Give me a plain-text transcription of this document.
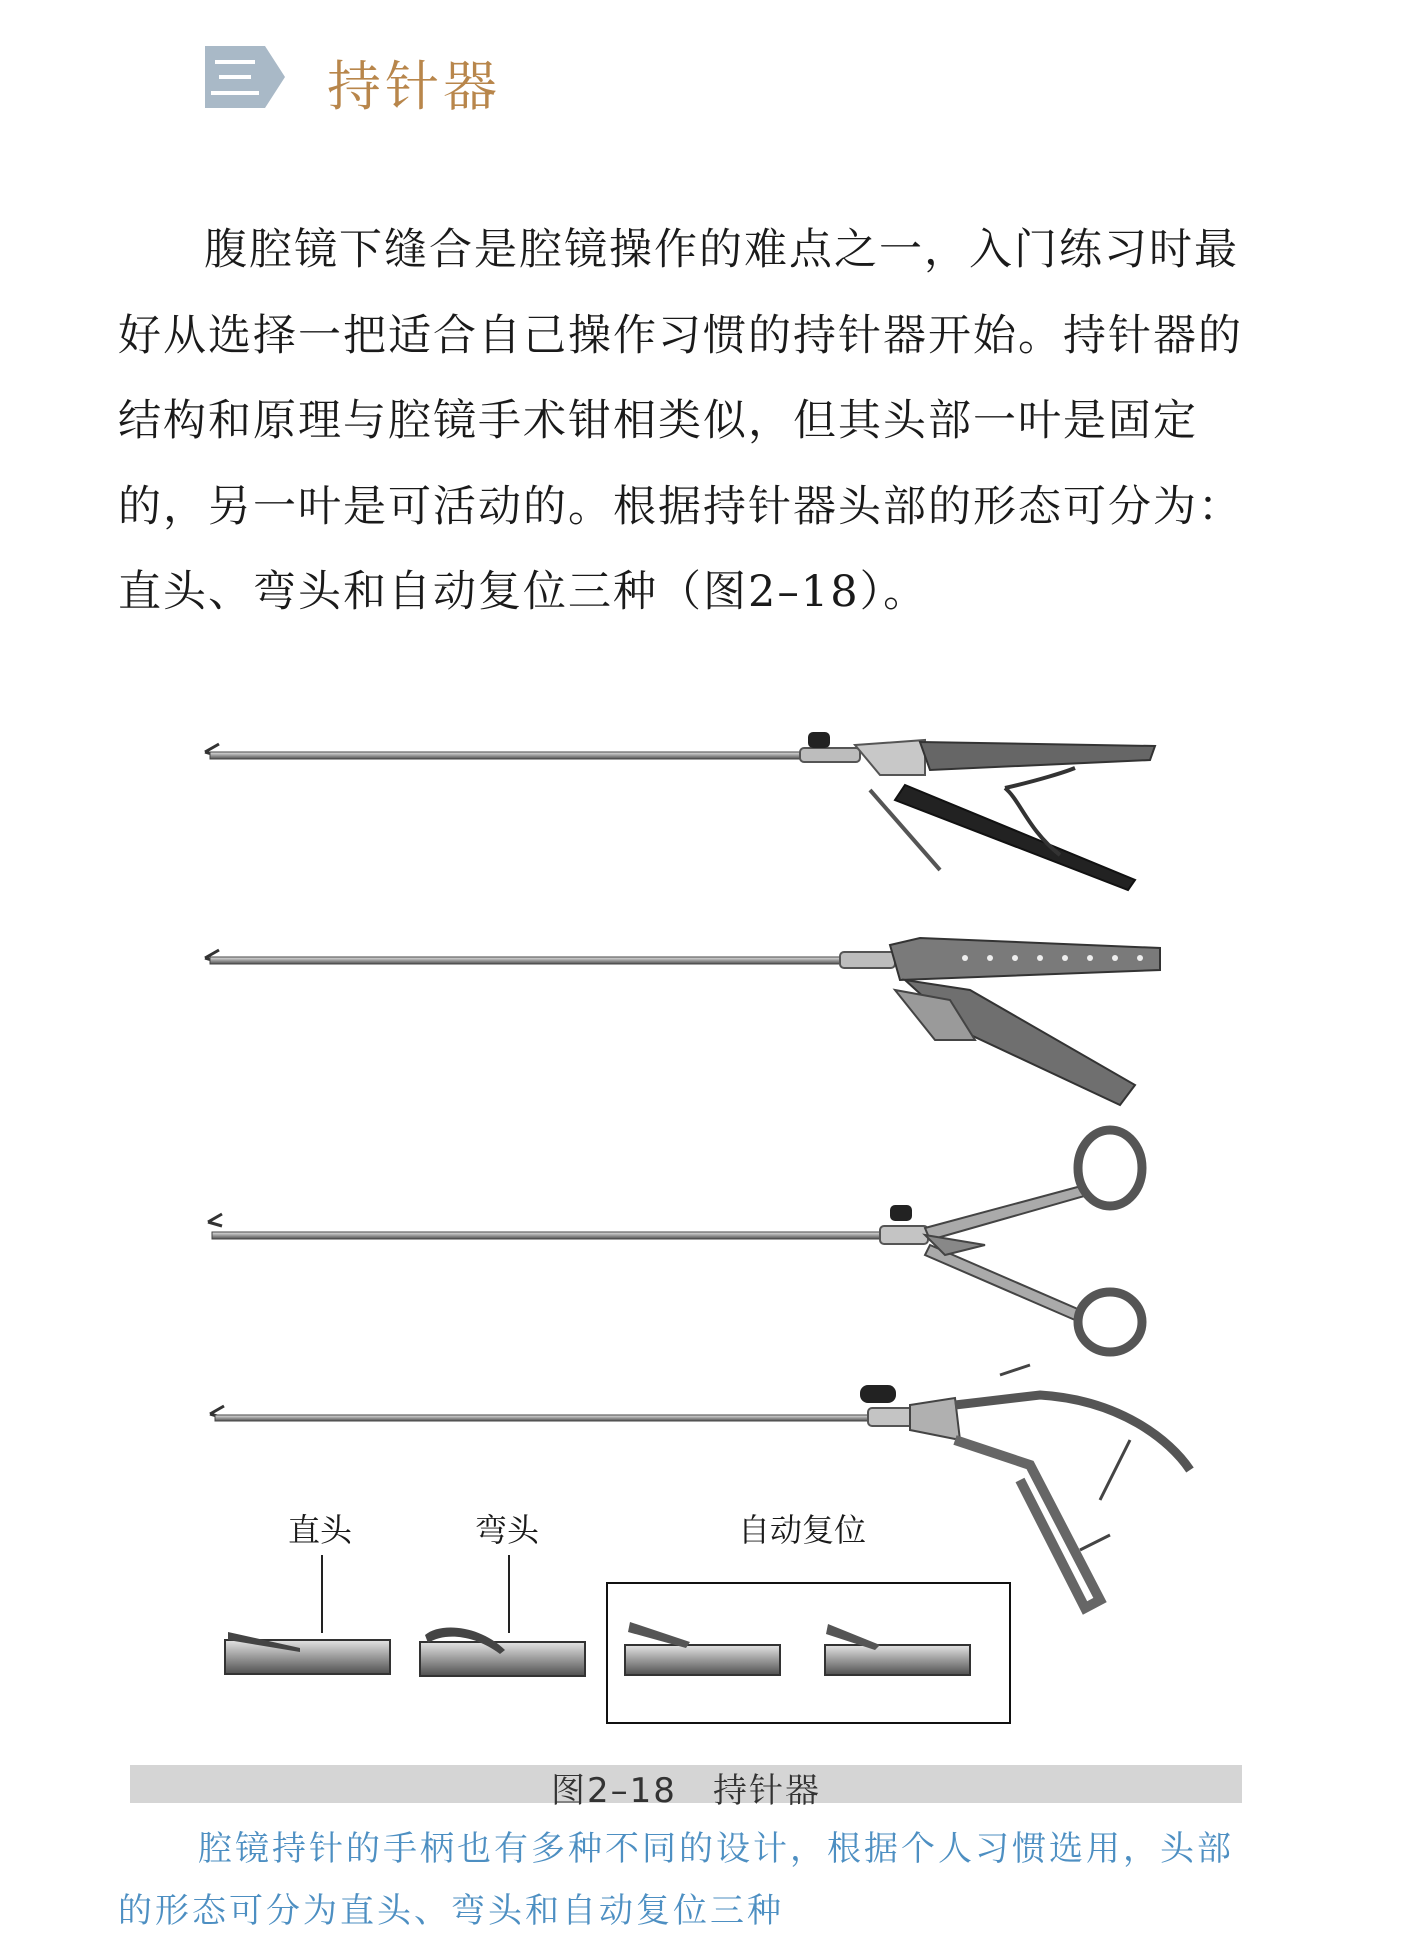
持针器

腹腔镜下缝合是腔镜操作的难点之一，入门练习时最好从选择一把适合自己操作习惯的持针器开始。持针器的结构和原理与腔镜手术钳相类似，但其头部一叶是固定的，另一叶是可活动的。根据持针器头部的形态可分为：直头、弯头和自动复位三种（图2–18）。

直头	弯头	自动复位
图2–18　持针器

腔镜持针的手柄也有多种不同的设计，根据个人习惯选用，头部的形态可分为直头、弯头和自动复位三种
